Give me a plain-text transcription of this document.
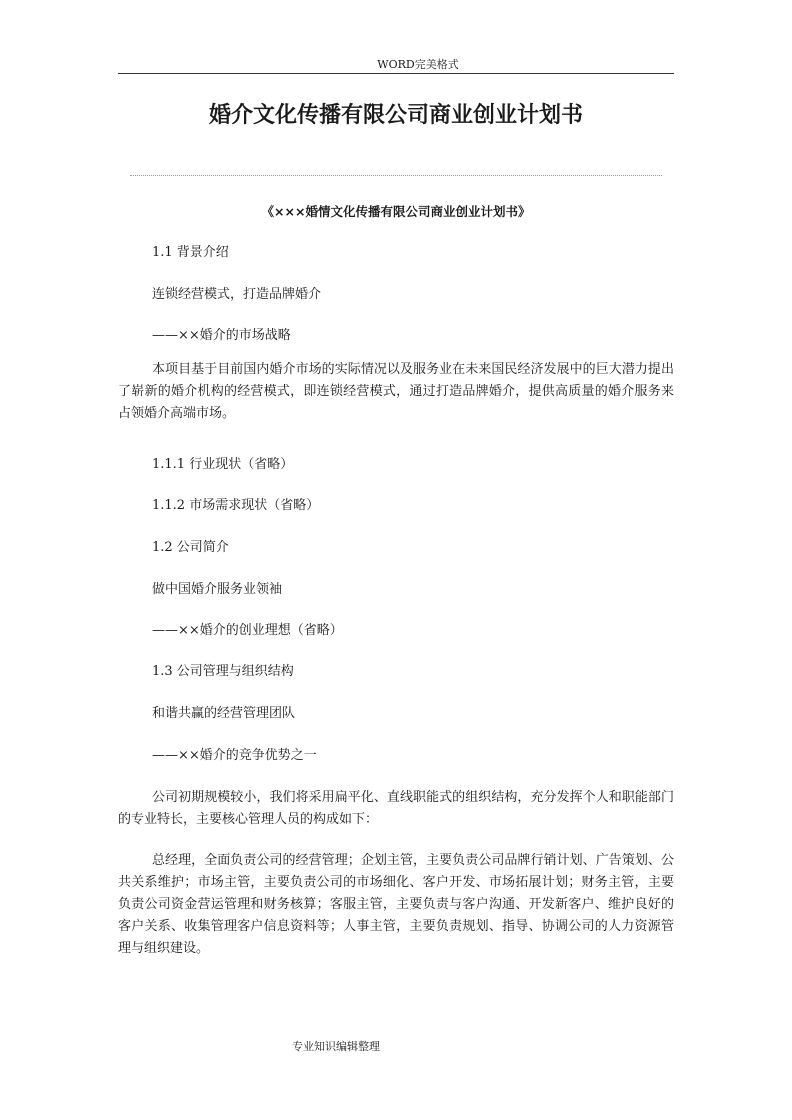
WORD完美格式
婚介文化传播有限公司商业创业计划书
《×××婚情文化传播有限公司商业创业计划书》
1.1 背景介绍
连锁经营模式，打造品牌婚介
——××婚介的市场战略

本项目基于目前国内婚介市场的实际情况以及服务业在未来国民经济发展中的巨大潜力提出了崭新的婚介机构的经营模式，即连锁经营模式，通过打造品牌婚介，提供高质量的婚介服务来占领婚介高端市场。

1.1.1 行业现状（省略）
1.1.2 市场需求现状（省略）
1.2 公司简介
做中国婚介服务业领袖
——××婚介的创业理想（省略）
1.3 公司管理与组织结构
和谐共赢的经营管理团队
——××婚介的竞争优势之一

公司初期规模较小，我们将采用扁平化、直线职能式的组织结构，充分发挥个人和职能部门的专业特长，主要核心管理人员的构成如下：

总经理，全面负责公司的经营管理；企划主管，主要负责公司品牌行销计划、广告策划、公共关系维护；市场主管，主要负责公司的市场细化、客户开发、市场拓展计划；财务主管，主要负责公司资金营运管理和财务核算；客服主管，主要负责与客户沟通、开发新客户、维护良好的客户关系、收集管理客户信息资料等；人事主管，主要负责规划、指导、协调公司的人力资源管理与组织建设。

专业知识编辑整理
